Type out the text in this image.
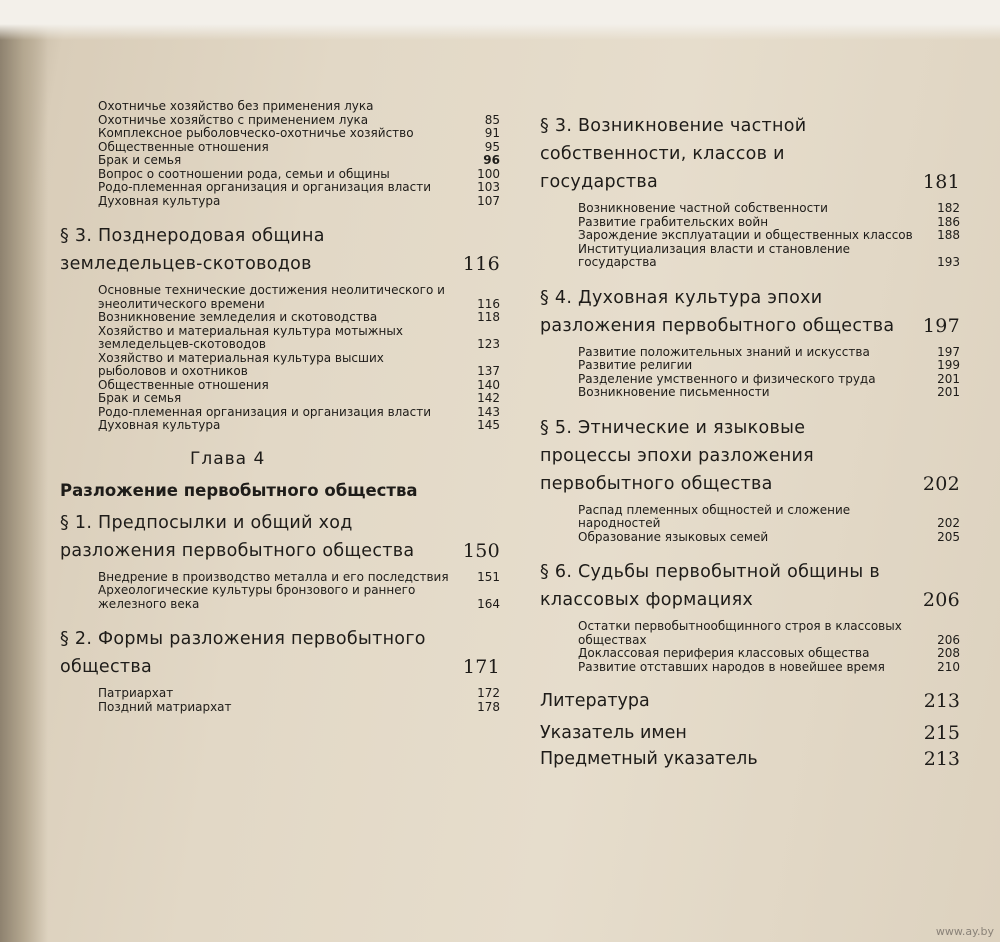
Охотничье хозяйство без применения лука
Охотничье хозяйство с применением лука	85
Комплексное рыболовческо-охотничье хозяйство	91
Общественные отношения	95
Брак и семья	96
Вопрос о соотношении рода, семьи и общины	100
Родо-племенная организация и организация власти	103
Духовная культура	107
§ 3. Позднеродовая община земледельцев-скотоводов	116
Основные технические достижения неолитического и энеолитического времени	116
Возникновение земледелия и скотоводства	118
Хозяйство и материальная культура мотыжных земледельцев-скотоводов	123
Хозяйство и материальная культура высших рыболовов и охотников	137
Общественные отношения	140
Брак и семья	142
Родо-племенная организация и организация власти	143
Духовная культура	145
Глава 4
Разложение первобытного общества
§ 1. Предпосылки и общий ход разложения первобытного общества	150
Внедрение в производство металла и его последствия 151
Археологические культуры бронзового и раннего железного века	164
§ 2. Формы разложения первобытного общества	171
Патриархат	172
Поздний матриархат	178
§ 3. Возникновение частной собственности, классов и государства	181
Возникновение частной собственности	182
Развитие грабительских войн	186
Зарождение эксплуатации и общественных классов 188
Институциализация власти и становление государства	193
§ 4. Духовная культура эпохи разложения первобытного общества 197
Развитие положительных знаний и искусства	197
Развитие религии	199
Разделение умственного и физического труда	201
Возникновение письменности	201
§ 5. Этнические и языковые процессы эпохи разложения первобытного общества	202
Распад племенных общностей и сложение народностей	202
Образование языковых семей	205
§ 6. Судьбы первобытной общины в классовых формациях	206
Остатки первобытнообщинного строя в классовых обществах	206
Доклассовая периферия классовых общества	208
Развитие отставших народов в новейшее время	210
Литература	213
Указатель имен	215
Предметный указатель	213
www.ay.by
